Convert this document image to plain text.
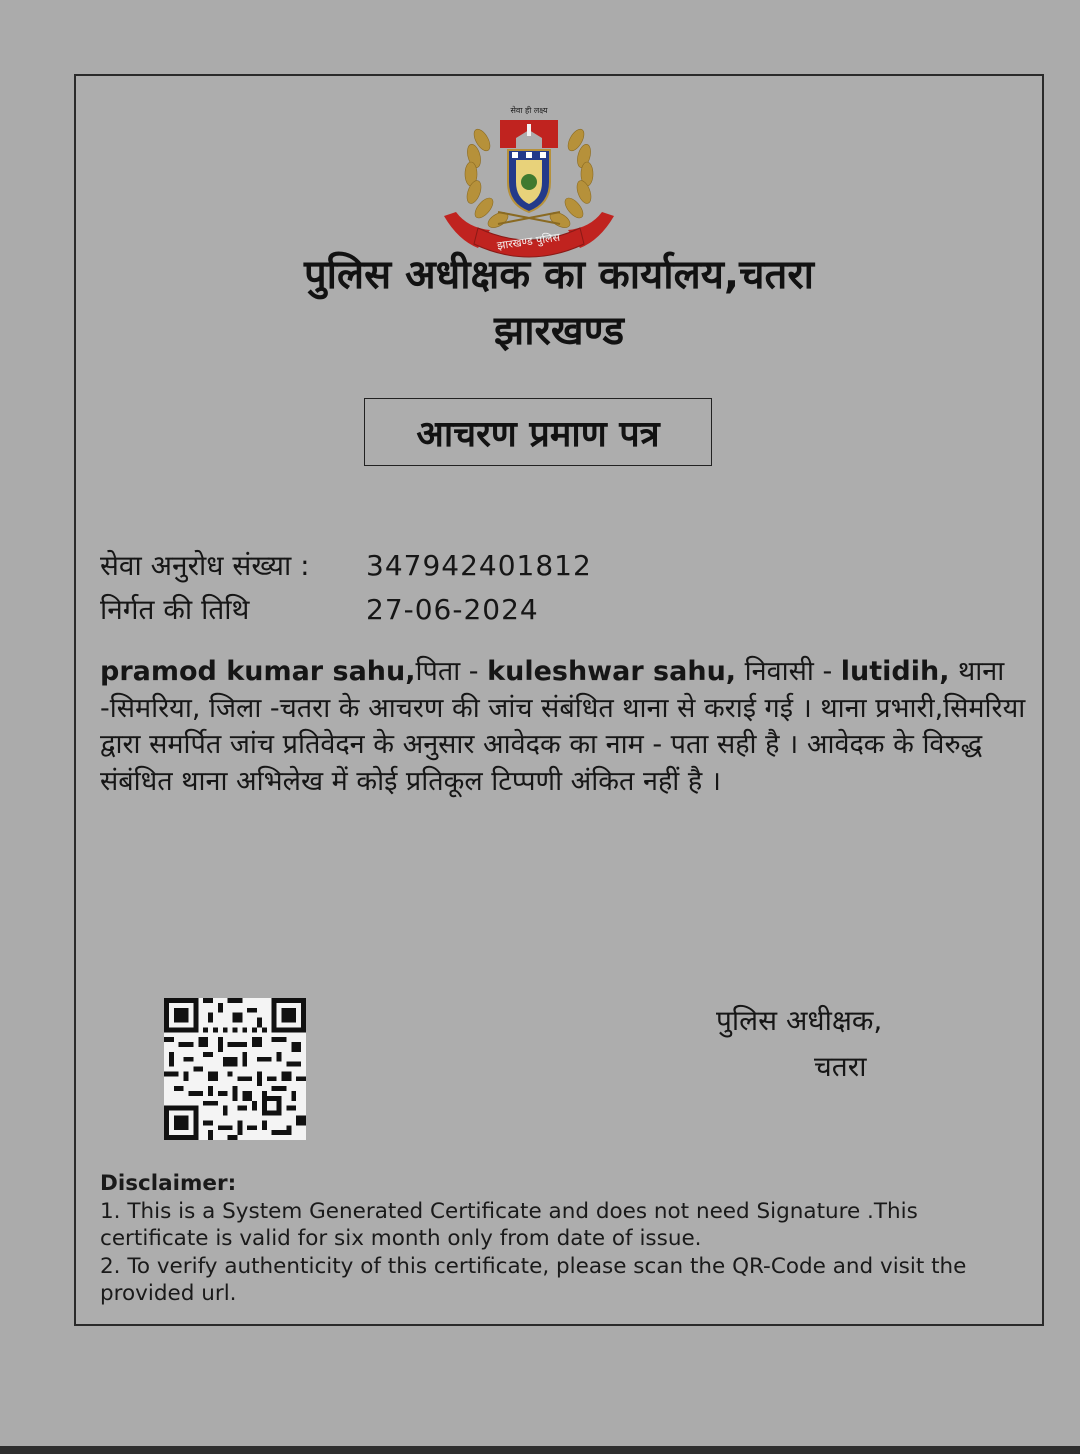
सेवा ही लक्ष्य
झारखण्ड पुलिस
पुलिस अधीक्षक का कार्यालय,चतरा
झारखण्ड
आचरण प्रमाण पत्र
सेवा अनुरोध संख्या : 347942401812
निर्गत की तिथि	27-06-2024
pramod kumar sahu,पिता - kuleshwar sahu, निवासी - lutidih, थाना -सिमरिया, जिला -चतरा के आचरण की जांच संबंधित थाना से कराई गई । थाना प्रभारी,सिमरिया द्वारा समर्पित जांच प्रतिवेदन के अनुसार आवेदक का नाम - पता सही है । आवेदक के विरुद्ध संबंधित थाना अभिलेख में कोई प्रतिकूल टिप्पणी अंकित नहीं है ।
पुलिस अधीक्षक,
चतरा
Disclaimer:

1. This is a System Generated Certificate and does not need Signature .This certificate is valid for six month only from date of issue.

2. To verify authenticity of this certificate, please scan the QR-Code and visit the provided url.
